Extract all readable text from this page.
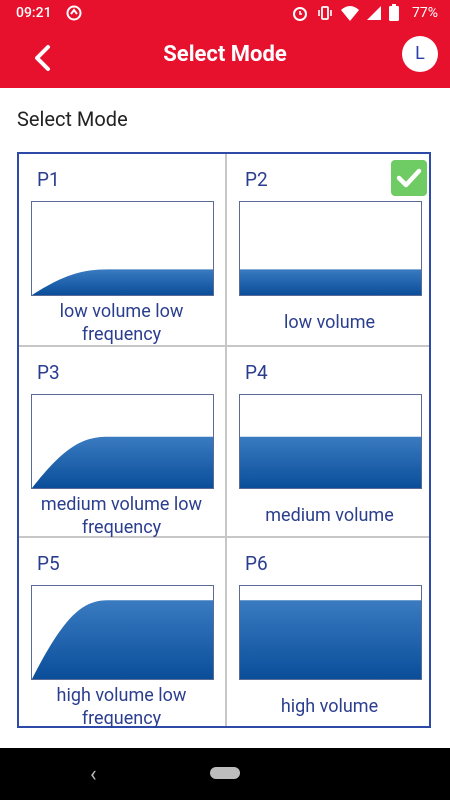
09:21	77%
Select Mode	L
Select Mode
P1
low volume low frequency
P2
low volume
P3
medium volume low frequency
P4
medium volume
P5
high volume low frequency
P6
high volume
‹
